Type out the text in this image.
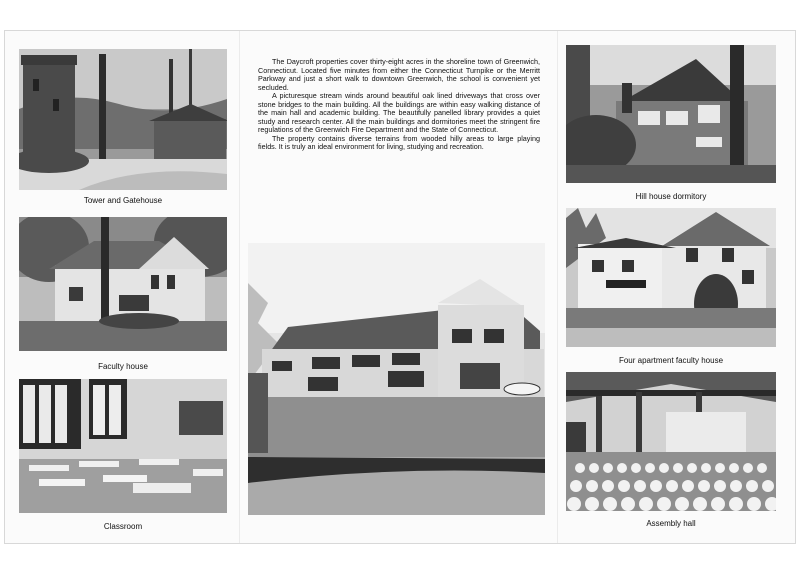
Tower and Gatehouse
Faculty house
Classroom

The Daycroft properties cover thirty-eight acres in the shoreline town of Greenwich, Connecticut. Located five minutes from either the Connecticut Turnpike or the Merritt Parkway and just a short walk to downtown Greenwich, the school is convenient yet secluded.

A picturesque stream winds around beautiful oak lined driveways that cross over stone bridges to the main building. All the buildings are within easy walking distance of the main hall and academic building. The beautifully panelled library provides a quiet study and research center. All the main buildings and dormitories meet the stringent fire regulations of the Greenwich Fire Department and the State of Connecticut.

The property contains diverse terrains from wooded hilly areas to large playing fields. It is truly an ideal environment for living, studying and recreation.

Hill house dormitory
Four apartment faculty house
Assembly hall
